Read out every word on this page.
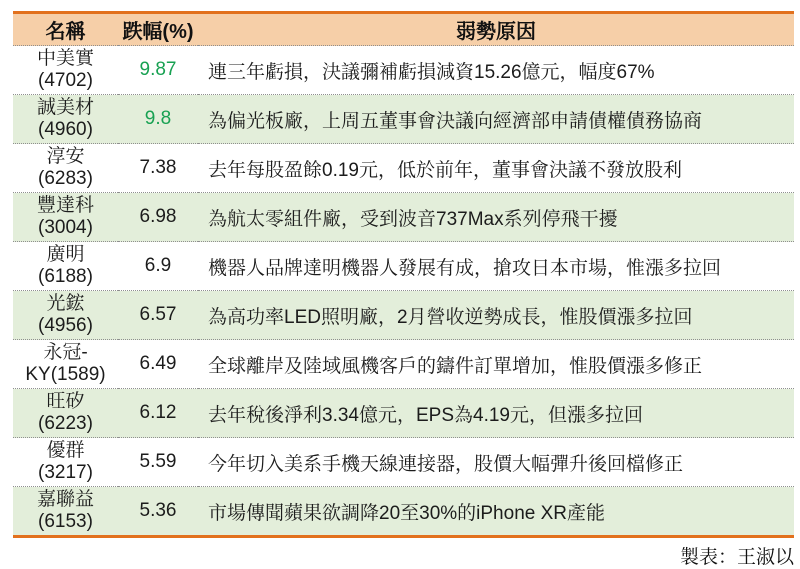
名稱	跌幅(%)	弱勢原因

中美實
(4702)	9.87	連三年虧損，決議彌補虧損減資15.26億元，幅度67%

誠美材
(4960)	9.8	為偏光板廠，上周五董事會決議向經濟部申請債權債務協商

淳安
(6283)	7.38	去年每股盈餘0.19元，低於前年，董事會決議不發放股利

豐達科
(3004)	6.98	為航太零組件廠，受到波音737Max系列停飛干擾

廣明
(6188)	6.9	機器人品牌達明機器人發展有成，搶攻日本市場，惟漲多拉回

光鋐
(4956)	6.57	為高功率LED照明廠，2月營收逆勢成長，惟股價漲多拉回

永冠-
KY(1589)	6.49	全球離岸及陸域風機客戶的鑄件訂單增加，惟股價漲多修正

旺矽
(6223)	6.12	去年稅後淨利3.34億元，EPS為4.19元，但漲多拉回

優群
(3217)	5.59	今年切入美系手機天線連接器，股價大幅彈升後回檔修正

嘉聯益
(6153)	5.36	市場傳聞蘋果欲調降20至30%的iPhone XR產能
製表：王淑以
